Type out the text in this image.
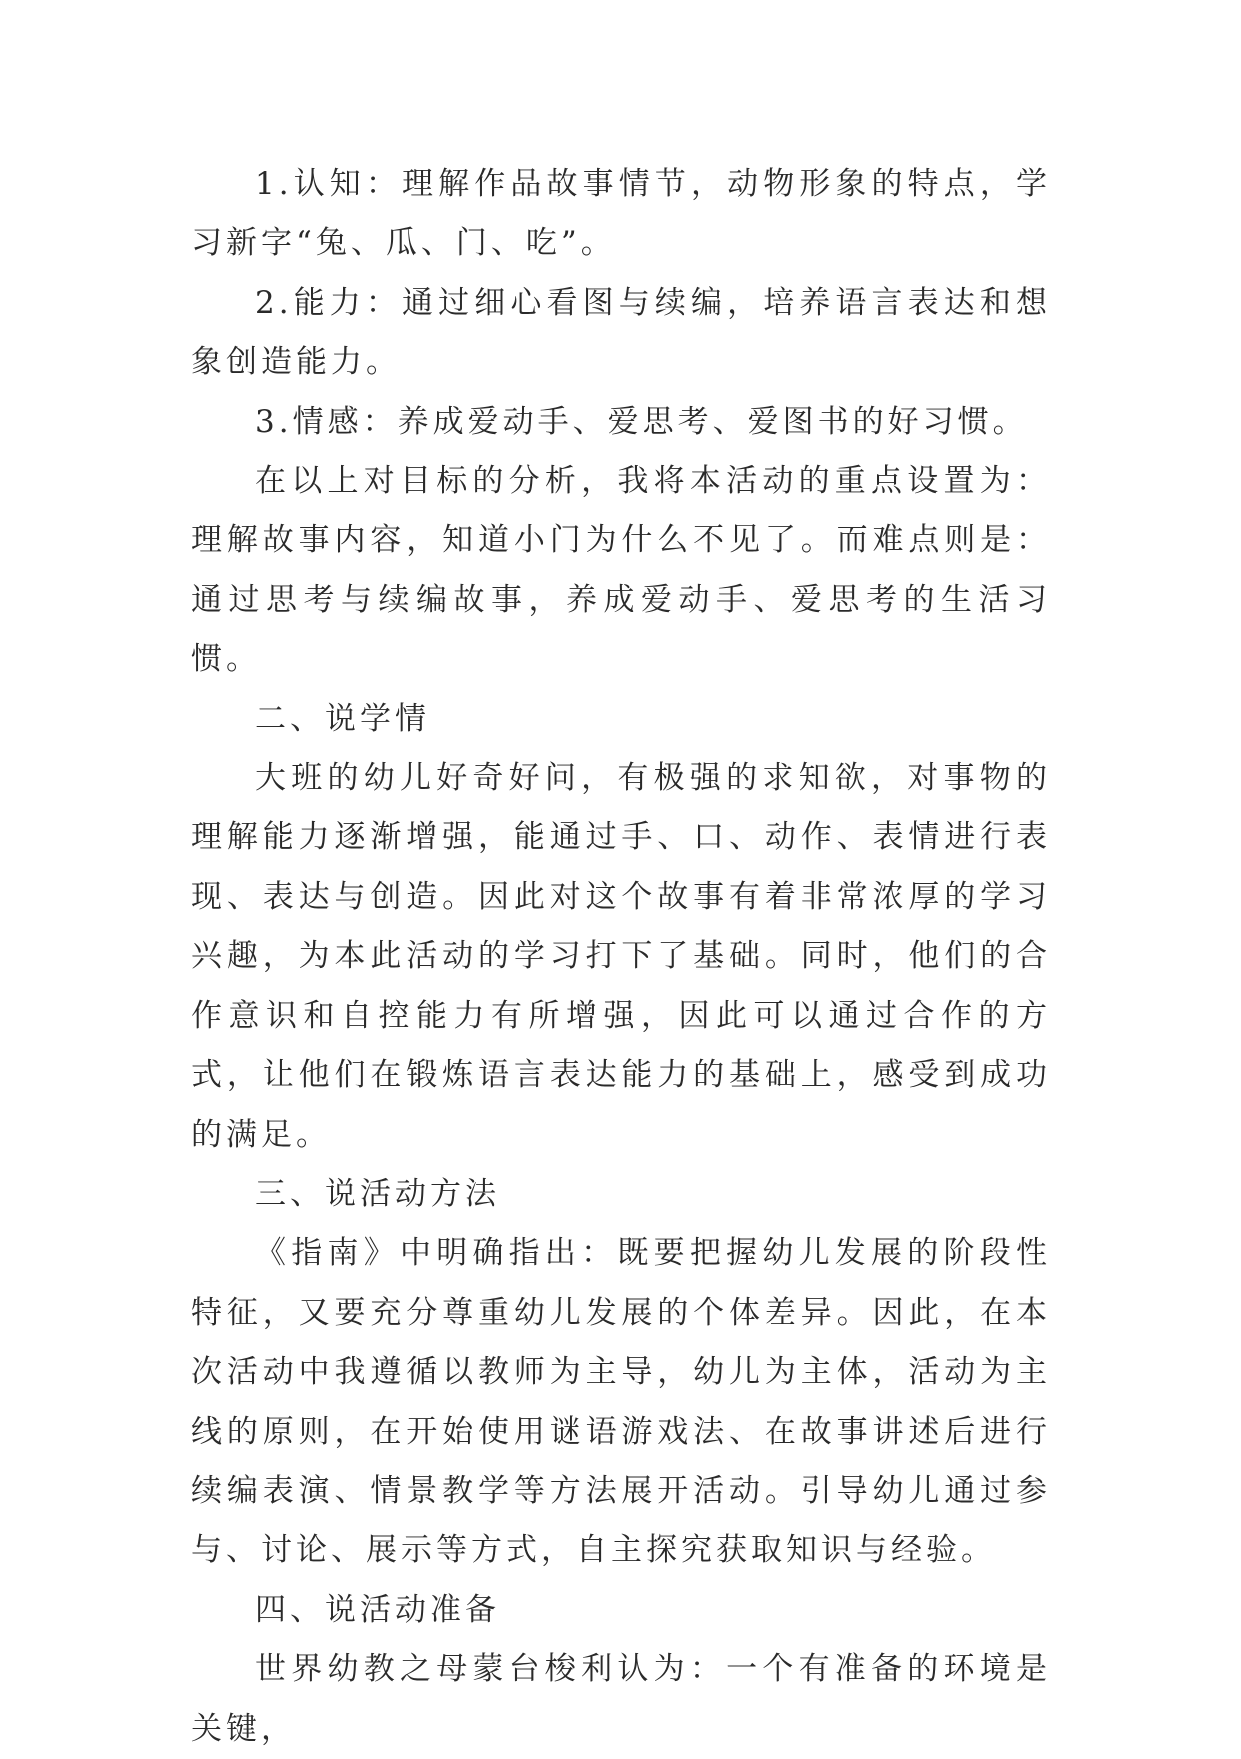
1.认知：理解作品故事情节，动物形象的特点，学习新字“兔、瓜、门、吃”。

2.能力：通过细心看图与续编，培养语言表达和想象创造能力。

3.情感：养成爱动手、爱思考、爱图书的好习惯。

在以上对目标的分析，我将本活动的重点设置为：理解故事内容，知道小门为什么不见了。而难点则是：通过思考与续编故事，养成爱动手、爱思考的生活习惯。

二、说学情

大班的幼儿好奇好问，有极强的求知欲，对事物的理解能力逐渐增强，能通过手、口、动作、表情进行表现、表达与创造。因此对这个故事有着非常浓厚的学习兴趣，为本此活动的学习打下了基础。同时，他们的合作意识和自控能力有所增强，因此可以通过合作的方式，让他们在锻炼语言表达能力的基础上，感受到成功的满足。

三、说活动方法

《指南》中明确指出：既要把握幼儿发展的阶段性特征，又要充分尊重幼儿发展的个体差异。因此，在本次活动中我遵循以教师为主导，幼儿为主体，活动为主线的原则，在开始使用谜语游戏法、在故事讲述后进行续编表演、情景教学等方法展开活动。引导幼儿通过参与、讨论、展示等方式，自主探究获取知识与经验。

四、说活动准备

世界幼教之母蒙台梭利认为：一个有准备的环境是关键，
